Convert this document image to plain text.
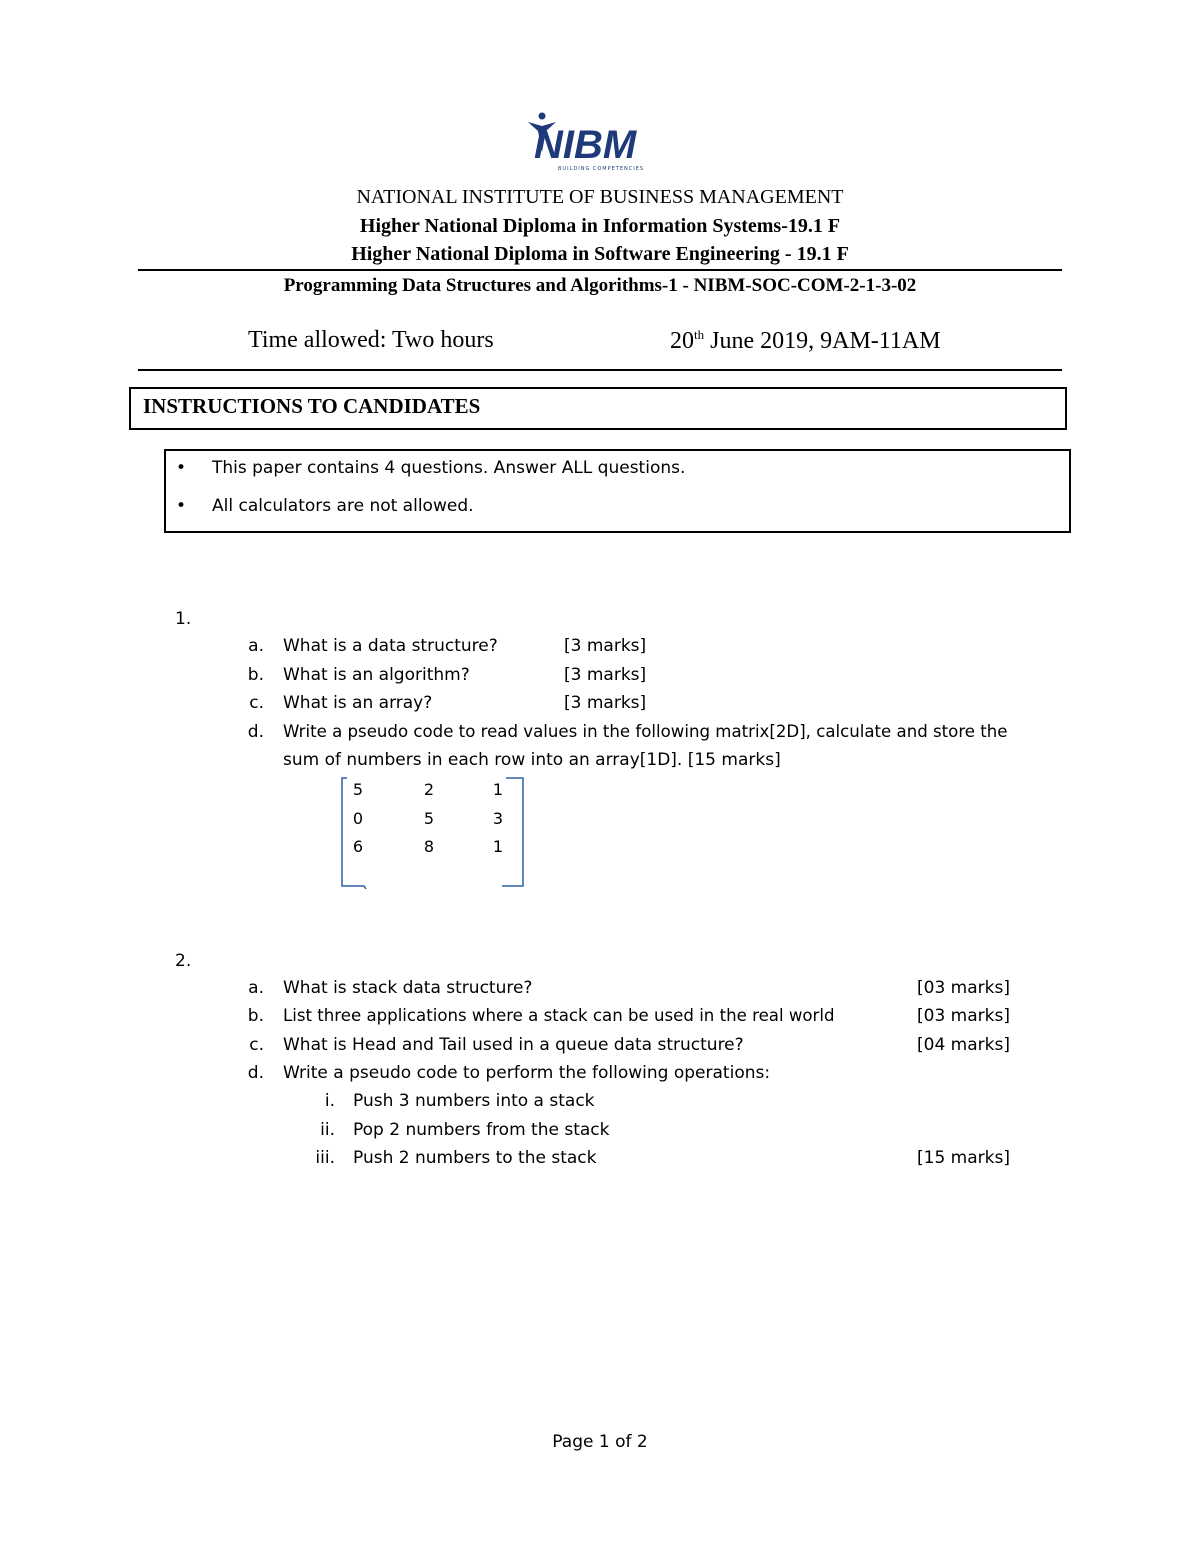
NIBM
BUILDING COMPETENCIES
NATIONAL INSTITUTE OF BUSINESS MANAGEMENT
Higher National Diploma in Information Systems-19.1 F
Higher National Diploma in Software Engineering - 19.1 F
Programming Data Structures and Algorithms-1 - NIBM-SOC-COM-2-1-3-02
Time allowed: Two hours	20th June 2019, 9AM-11AM
INSTRUCTIONS TO CANDIDATES
• This paper contains 4 questions. Answer ALL questions.
• All calculators are not allowed.
1.
a. What is a data structure?	[3 marks]
b. What is an algorithm?	[3 marks]
c. What is an array?	[3 marks]
d. Write a pseudo code to read values in the following matrix[2D], calculate and store the
sum of numbers in each row into an array[1D]. [15 marks]
5	2	1
0	5	3
6	8	1
2.
a. What is stack data structure?	[03 marks]
b. List three applications where a stack can be used in the real world	[03 marks]
c. What is Head and Tail used in a queue data structure?	[04 marks]
d. Write a pseudo code to perform the following operations:
i. Push 3 numbers into a stack
ii. Pop 2 numbers from the stack
iii. Push 2 numbers to the stack	[15 marks]
Page 1 of 2
